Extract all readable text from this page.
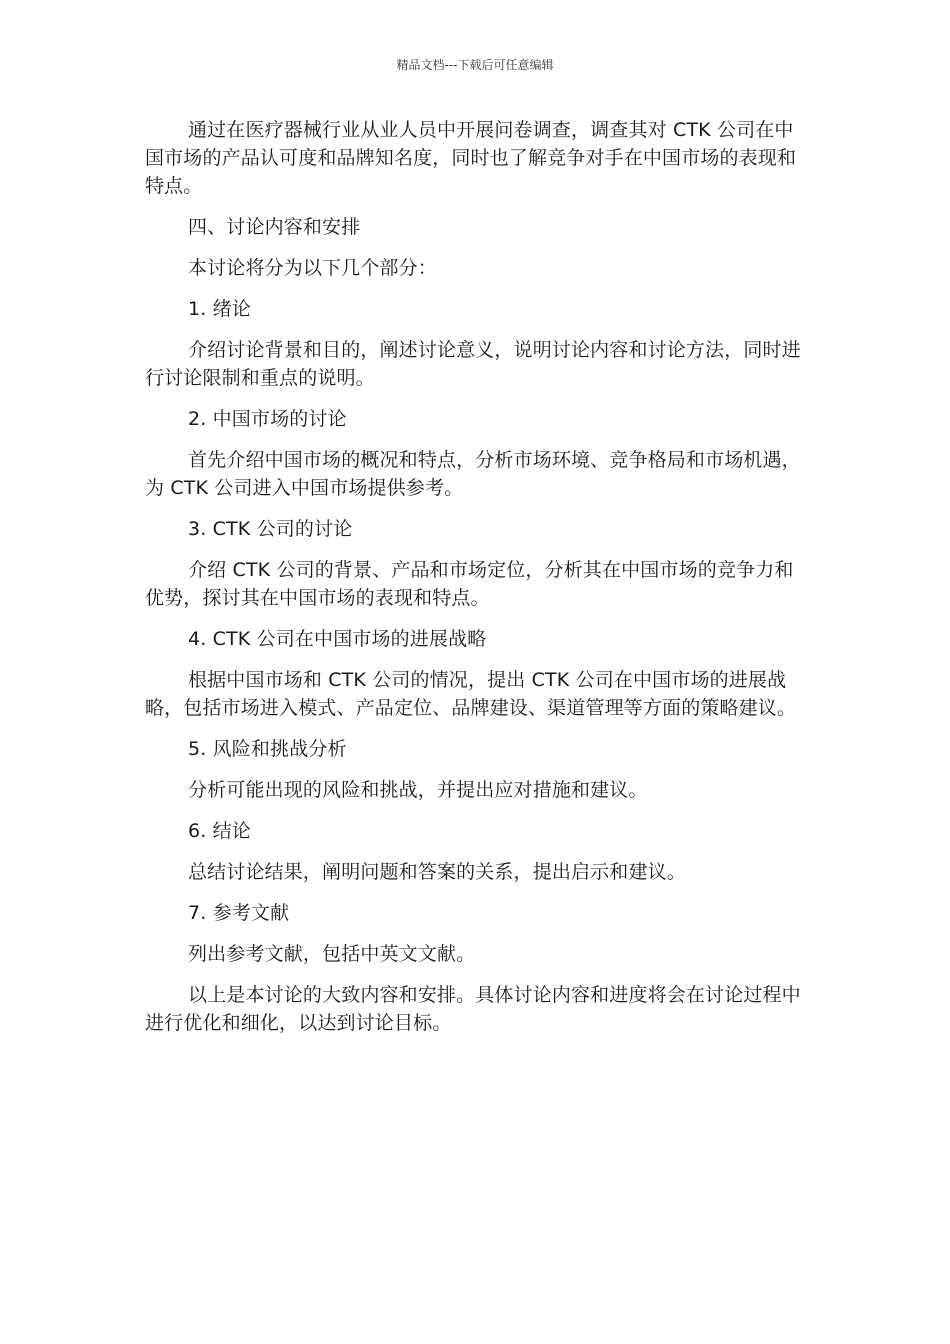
精品文档---下载后可任意编辑

通过在医疗器械行业从业人员中开展问卷调查，调查其对 CTK 公司在中国市场的产品认可度和品牌知名度，同时也了解竞争对手在中国市场的表现和特点。

四、讨论内容和安排

本讨论将分为以下几个部分：

1. 绪论

介绍讨论背景和目的，阐述讨论意义，说明讨论内容和讨论方法，同时进行讨论限制和重点的说明。

2. 中国市场的讨论

首先介绍中国市场的概况和特点，分析市场环境、竞争格局和市场机遇，为 CTK 公司进入中国市场提供参考。

3. CTK 公司的讨论

介绍 CTK 公司的背景、产品和市场定位，分析其在中国市场的竞争力和优势，探讨其在中国市场的表现和特点。

4. CTK 公司在中国市场的进展战略

根据中国市场和 CTK 公司的情况，提出 CTK 公司在中国市场的进展战略，包括市场进入模式、产品定位、品牌建设、渠道管理等方面的策略建议。

5. 风险和挑战分析

分析可能出现的风险和挑战，并提出应对措施和建议。

6. 结论

总结讨论结果，阐明问题和答案的关系，提出启示和建议。

7. 参考文献

列出参考文献，包括中英文文献。

以上是本讨论的大致内容和安排。具体讨论内容和进度将会在讨论过程中进行优化和细化，以达到讨论目标。
